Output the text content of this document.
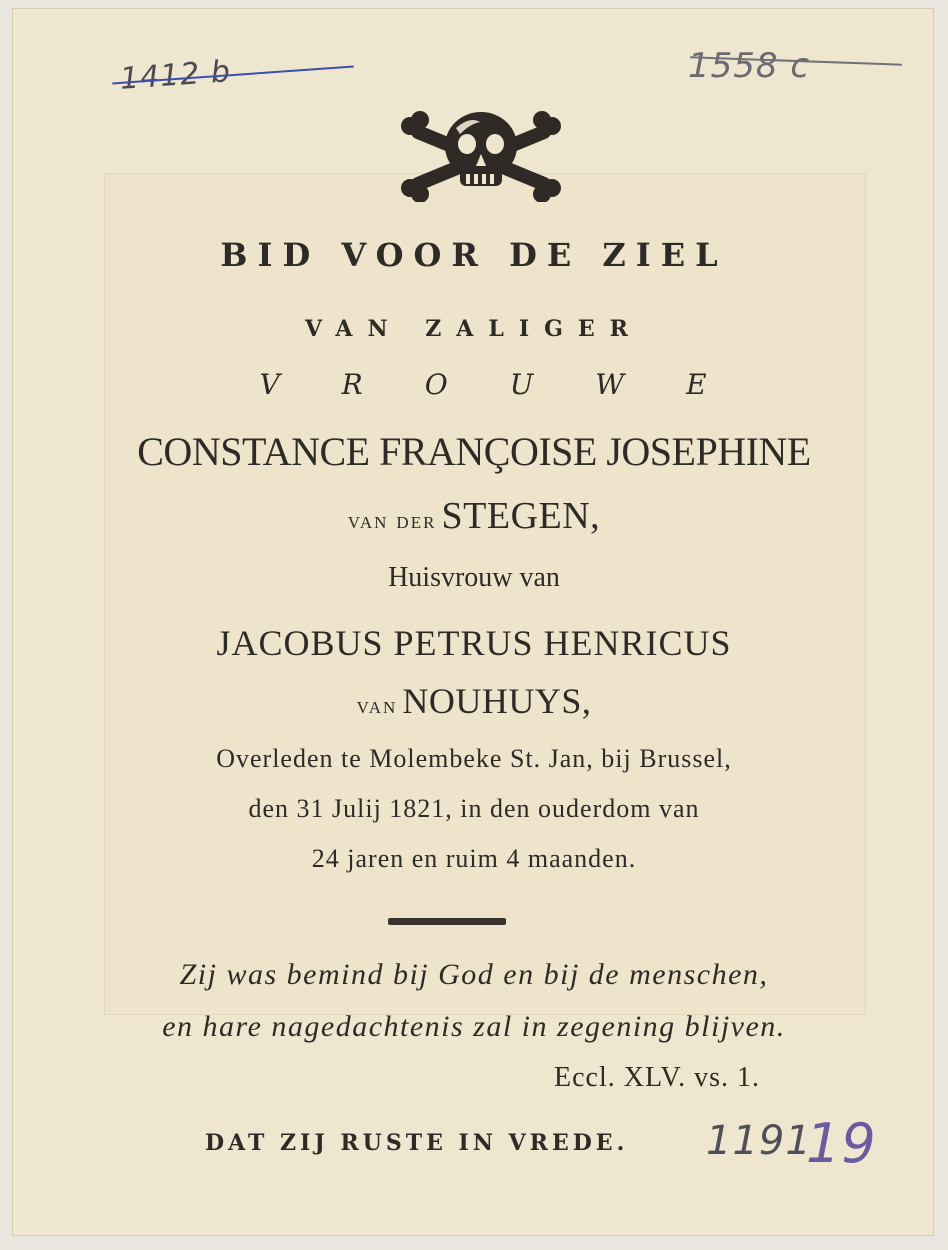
1412 b	1558 c
BID VOOR DE ZIEL
VAN ZALIGER
VROUWE
CONSTANCE FRANÇOISE JOSEPHINE
van der STEGEN,
Huisvrouw van
JACOBUS PETRUS HENRICUS
van NOUHUYS,
Overleden te Molembeke St. Jan, bij Brussel,
den 31 Julij 1821, in den ouderdom van
24 jaren en ruim 4 maanden.
Zij was bemind bij God en bij de menschen,
en hare nagedachtenis zal in zegening blijven.
Eccl. XLV. vs. 1.
DAT ZIJ RUSTE IN VREDE. 1191
19
